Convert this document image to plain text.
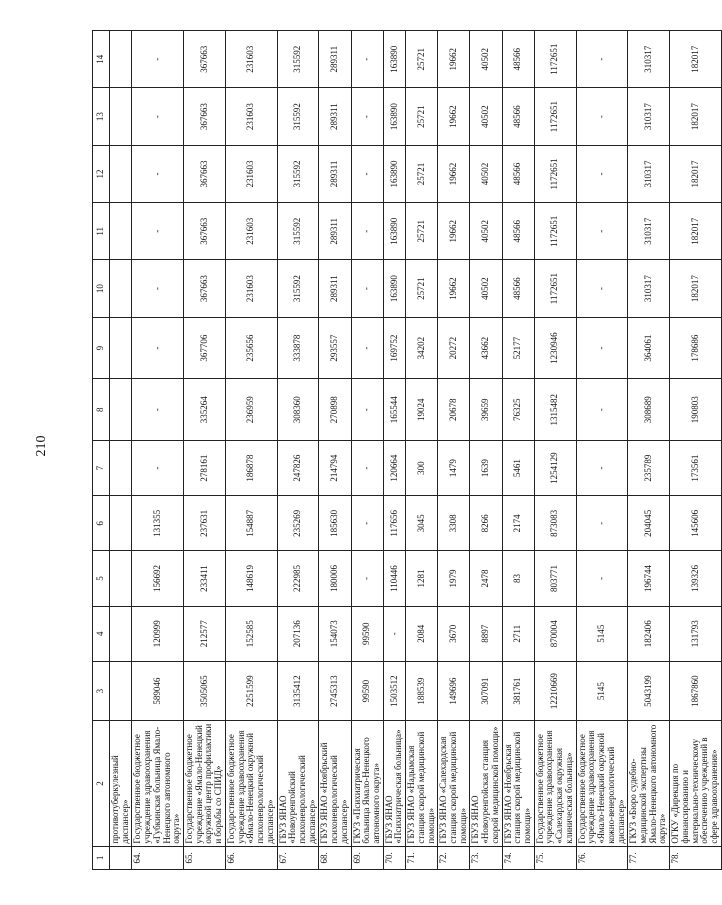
210
1	2	3	4	5	6	7	8	9	10	11	12	13	14
	противотуберкулезный диспансер»												
64.	Государственное бюджетное учреждение здравоохранения «Губкинская больница Ямало-Ненецкого автономного округа»	589046	120999	156692	131355	-	-	-	-	-	-	-	-
65.	Государственное бюджетное учреждение «Ямало-Ненецкий окружной центр профилактики и борьбы со СПИД»	3505065	212577	233411	237631	278161	335264	367706	367663	367663	367663	367663	367663
66.	Государственное бюджетное учреждение здравоохранения «Ямало-Ненецкий окружной психоневрологический диспансер»	2251599	152585	148619	154887	186878	236959	235656	231603	231603	231603	231603	231603
67.	ГБУЗ ЯНАО «Новоуренгойский психоневрологический диспансер»	3135412	207136	222985	235269	247826	308360	333878	315592	315592	315592	315592	315592
68.	ГБУЗ ЯНАО «Ноябрьский психоневрологический диспансер»	2745313	154073	180006	185630	214794	270898	293557	289311	289311	289311	289311	289311
69.	ГКУЗ «Психиатрическая больница Ямало-Ненецкого автономного округа»	99590	99590	-	-	-	-	-	-	-	-	-	-
70.	ГБУЗ ЯНАО «Психиатрическая больница»	1503512	-	110446	117656	120664	165544	169752	163890	163890	163890	163890	163890
71.	ГБУЗ ЯНАО «Надымская станция скорой медицинской помощи»	188539	2084	1281	3045	300	19024	34202	25721	25721	25721	25721	25721
72.	ГБУЗ ЯНАО «Салехардская станция скорой медицинской помощи»	149696	3670	1979	3308	1479	20678	20272	19662	19662	19662	19662	19662
73.	ГБУЗ ЯНАО «Новоуренгойская станция скорой медицинской помощи»	307091	8897	2478	8266	1639	39659	43662	40502	40502	40502	40502	40502
74.	ГБУЗ ЯНАО «Ноябрьская станция скорой медицинской помощи»	381761	2711	83	2174	5461	76325	52177	48566	48566	48566	48566	48566
75.	Государственное бюджетное учреждение здравоохранения «Салехардская окружная клиническая больница»	12210669	870004	803771	873083	1254129	1315482	1230946	1172651	1172651	1172651	1172651	1172651
76.	Государственное бюджетное учреждение здравоохранения «Ямало-Ненецкий окружной кожно-венерологический диспансер»	5145	5145	-	-	-	-	-	-	-	-	-	-
77.	ГКУЗ «Бюро судебно-медицинской экспертизы Ямало-Ненецкого автономного округа»	5043199	182406	196744	204045	235789	308689	364061	310317	310317	310317	310317	310317
78.	ОГКУ «Дирекция по финансированию и материально-техническому обеспечению учреждений в сфере здравоохранения»	1867860	131793	139326	145606	173561	190803	178686	182017	182017	182017	182017	182017
